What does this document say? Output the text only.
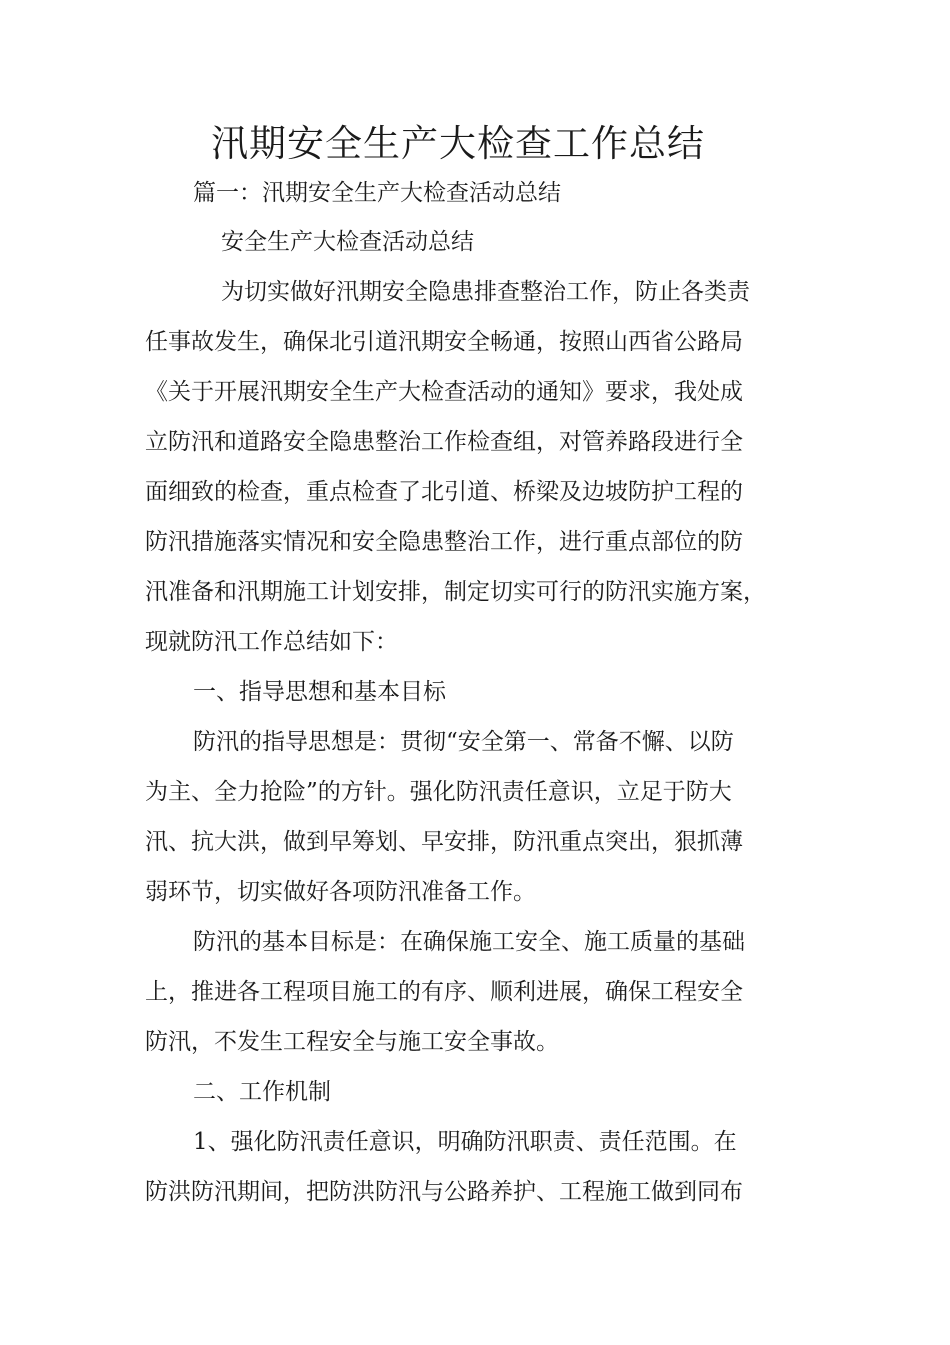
汛期安全生产大检查工作总结

篇一：汛期安全生产大检查活动总结

安全生产大检查活动总结

为切实做好汛期安全隐患排查整治工作，防止各类责

任事故发生，确保北引道汛期安全畅通，按照山西省公路局

《关于开展汛期安全生产大检查活动的通知》要求，我处成

立防汛和道路安全隐患整治工作检查组，对管养路段进行全

面细致的检查，重点检查了北引道、桥梁及边坡防护工程的

防汛措施落实情况和安全隐患整治工作，进行重点部位的防

汛准备和汛期施工计划安排，制定切实可行的防汛实施方案，

现就防汛工作总结如下：

一、指导思想和基本目标

防汛的指导思想是：贯彻“安全第一、常备不懈、以防

为主、全力抢险”的方针。强化防汛责任意识，立足于防大

汛、抗大洪，做到早筹划、早安排，防汛重点突出，狠抓薄

弱环节，切实做好各项防汛准备工作。

防汛的基本目标是：在确保施工安全、施工质量的基础

上，推进各工程项目施工的有序、顺利进展，确保工程安全

防汛，不发生工程安全与施工安全事故。

二、工作机制

1、强化防汛责任意识，明确防汛职责、责任范围。在

防洪防汛期间，把防洪防汛与公路养护、工程施工做到同布
